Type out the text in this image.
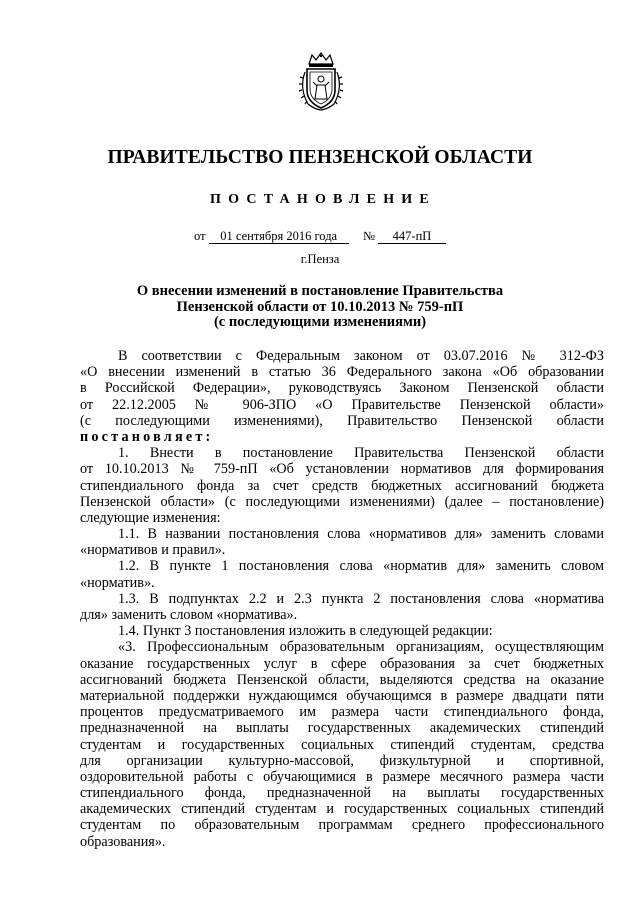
ПРАВИТЕЛЬСТВО ПЕНЗЕНСКОЙ ОБЛАСТИ
ПОСТАНОВЛЕНИЕ
от 01 сентября 2016 года № 447-пП
г.Пенза
О внесении изменений в постановление Правительства
Пензенской области от 10.10.2013 № 759-пП
(с последующими изменениями)
В соответствии с Федеральным законом от 03.07.2016 № 312-ФЗ
«О внесении изменений в статью 36 Федерального закона «Об образовании
в Российской Федерации», руководствуясь Законом Пензенской области
от 22.12.2005 № 906-ЗПО «О Правительстве Пензенской области»
(с последующими изменениями), Правительство Пензенской области
постановляет:
1. Внести в постановление Правительства Пензенской области
от 10.10.2013 № 759-пП «Об установлении нормативов для формирования
стипендиального фонда за счет средств бюджетных ассигнований бюджета
Пензенской области» (с последующими изменениями) (далее – постановление)
следующие изменения:
1.1. В названии постановления слова «нормативов для» заменить словами
«нормативов и правил».
1.2. В пункте 1 постановления слова «норматив для» заменить словом
«норматив».
1.3. В подпунктах 2.2 и 2.3 пункта 2 постановления слова «норматива
для» заменить словом «норматива».
1.4. Пункт 3 постановления изложить в следующей редакции:
«3. Профессиональным образовательным организациям, осуществляющим
оказание государственных услуг в сфере образования за счет бюджетных
ассигнований бюджета Пензенской области, выделяются средства на оказание
материальной поддержки нуждающимся обучающимся в размере двадцати пяти
процентов предусматриваемого им размера части стипендиального фонда,
предназначенной на выплаты государственных академических стипендий
студентам и государственных социальных стипендий студентам, средства
для организации культурно-массовой, физкультурной и спортивной,
оздоровительной работы с обучающимися в размере месячного размера части
стипендиального фонда, предназначенной на выплаты государственных
академических стипендий студентам и государственных социальных стипендий
студентам по образовательным программам среднего профессионального
образования».
